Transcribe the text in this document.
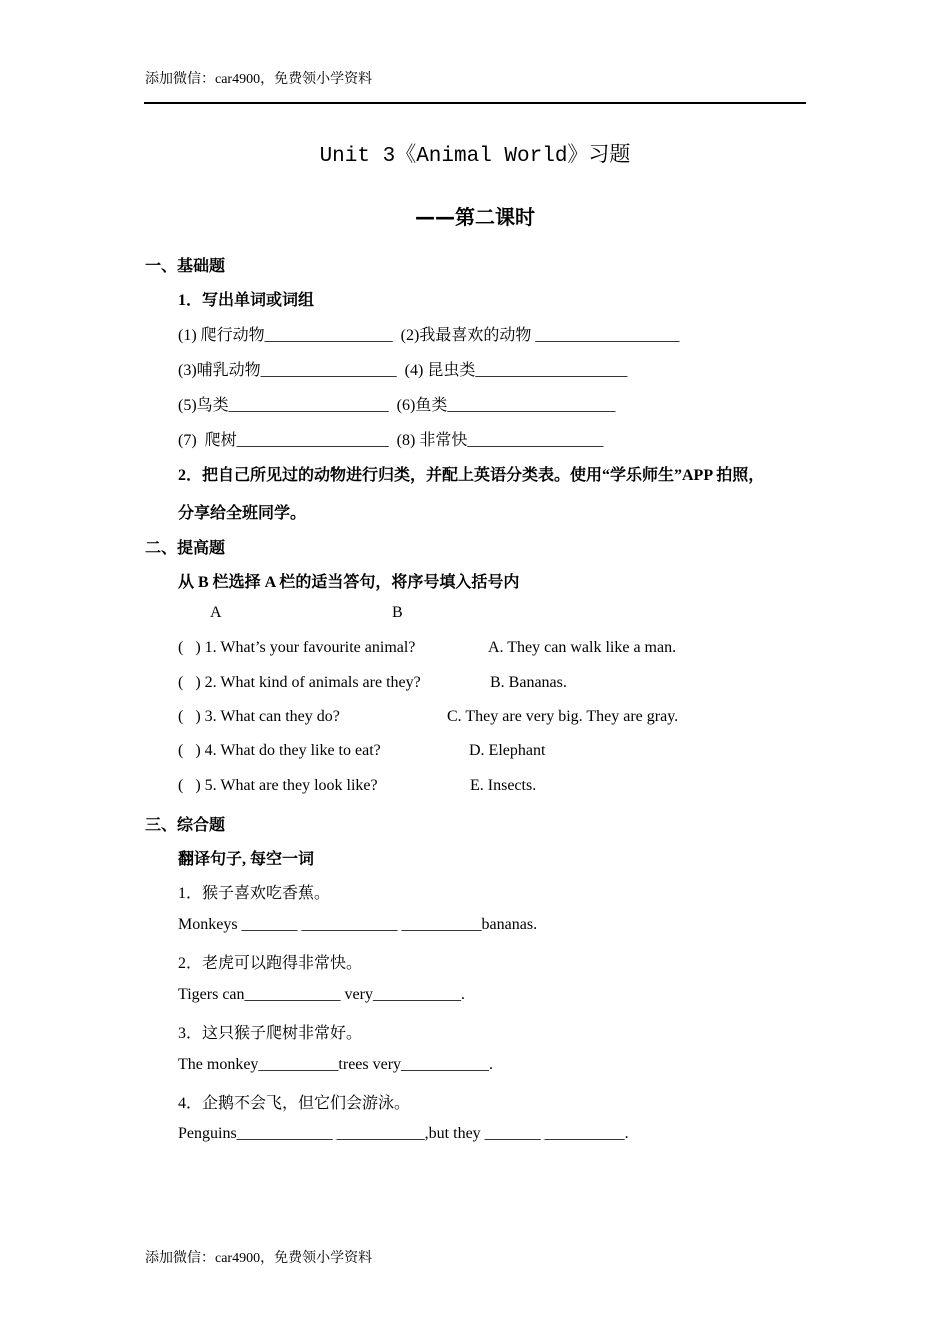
添加微信：car4900，免费领小学资料
Unit 3《Animal World》习题
——第二课时
一、基础题
1．写出单词或词组
(1) 爬行动物________________  (2)我最喜欢的动物 __________________
(3)哺乳动物_________________  (4) 昆虫类___________________
(5)鸟类____________________  (6)鱼类_____________________
(7)  爬树___________________  (8) 非常快_________________
2．把自己所见过的动物进行归类，并配上英语分类表。使用“学乐师生”APP 拍照，
分享给全班同学。
二、提高题
从 B 栏选择 A 栏的适当答句，将序号填入括号内
A	B
(   ) 1. What’s your favourite animal?	A. They can walk like a man.
(   ) 2. What kind of animals are they?	B. Bananas.
(   ) 3. What can they do?	C. They are very big. They are gray.
(   ) 4. What do they like to eat?	D. Elephant
(   ) 5. What are they look like?	E. Insects.
三、综合题
翻译句子, 每空一词
1．猴子喜欢吃香蕉。
Monkeys _______ ____________ __________bananas.
2．老虎可以跑得非常快。
Tigers can____________ very___________.
3．这只猴子爬树非常好。
The monkey__________trees very___________.
4．企鹅不会飞，但它们会游泳。
Penguins____________ ___________,but they _______ __________.
添加微信：car4900，免费领小学资料
